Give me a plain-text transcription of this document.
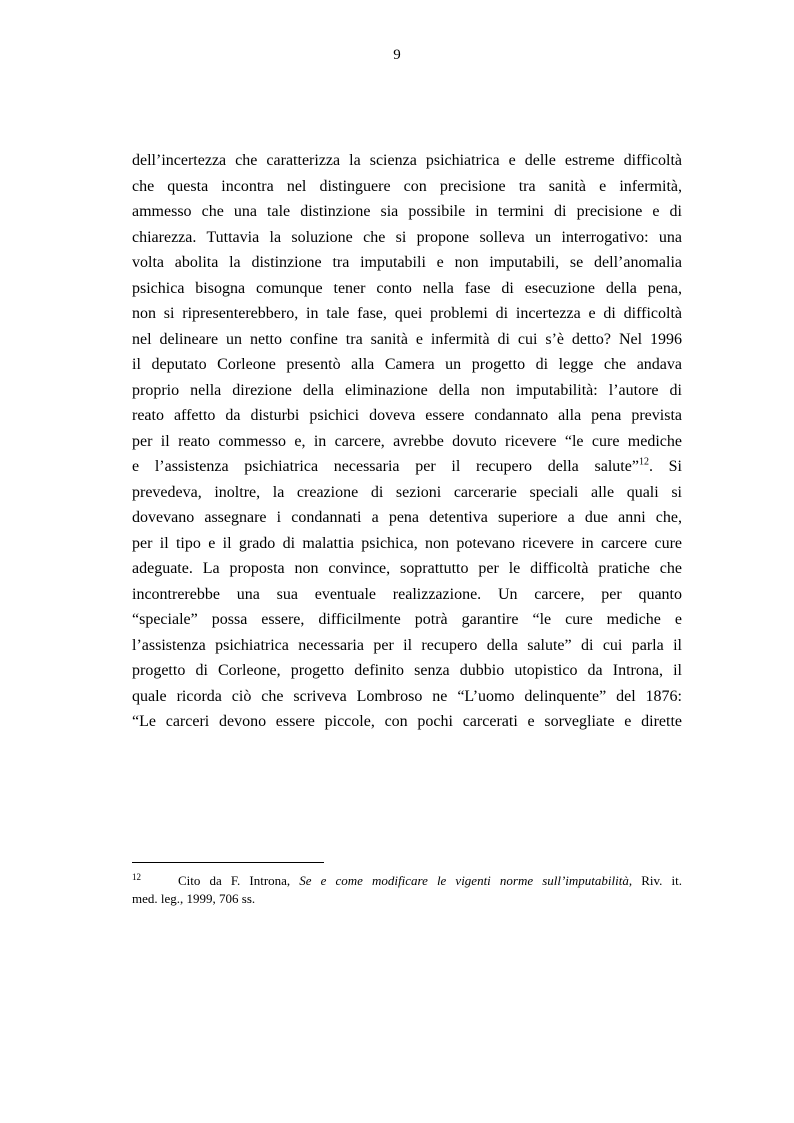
9
dell’incertezza che caratterizza la scienza psichiatrica e delle estreme difficoltà
che questa incontra nel distinguere con precisione tra sanità e infermità,
ammesso che una tale distinzione sia possibile in termini di precisione e di
chiarezza. Tuttavia la soluzione che si propone solleva un interrogativo: una
volta abolita la distinzione tra imputabili e non imputabili, se dell’anomalia
psichica bisogna comunque tener conto nella fase di esecuzione della pena,
non si ripresenterebbero, in tale fase, quei problemi di incertezza e di difficoltà
nel delineare un netto confine tra sanità e infermità di cui s’è detto? Nel 1996
il deputato Corleone presentò alla Camera un progetto di legge che andava
proprio nella direzione della eliminazione della non imputabilità: l’autore di
reato affetto da disturbi psichici doveva essere condannato alla pena prevista
per il reato commesso e, in carcere, avrebbe dovuto ricevere “le cure mediche
e l’assistenza psichiatrica necessaria per il recupero della salute”$^{12}$. Si
prevedeva, inoltre, la creazione di sezioni carcerarie speciali alle quali si
dovevano assegnare i condannati a pena detentiva superiore a due anni che,
per il tipo e il grado di malattia psichica, non potevano ricevere in carcere cure
adeguate. La proposta non convince, soprattutto per le difficoltà pratiche che
incontrerebbe una sua eventuale realizzazione. Un carcere, per quanto
“speciale” possa essere, difficilmente potrà garantire “le cure mediche e
l’assistenza psichiatrica necessaria per il recupero della salute” di cui parla il
progetto di Corleone, progetto definito senza dubbio utopistico da Introna, il
quale ricorda ciò che scriveva Lombroso ne “L’uomo delinquente” del 1876:
“Le carceri devono essere piccole, con pochi carcerati e sorvegliate e dirette
12	Cito da F. Introna, Se e come modificare le vigenti norme sull’imputabilità, Riv. it.
med. leg., 1999, 706 ss.
